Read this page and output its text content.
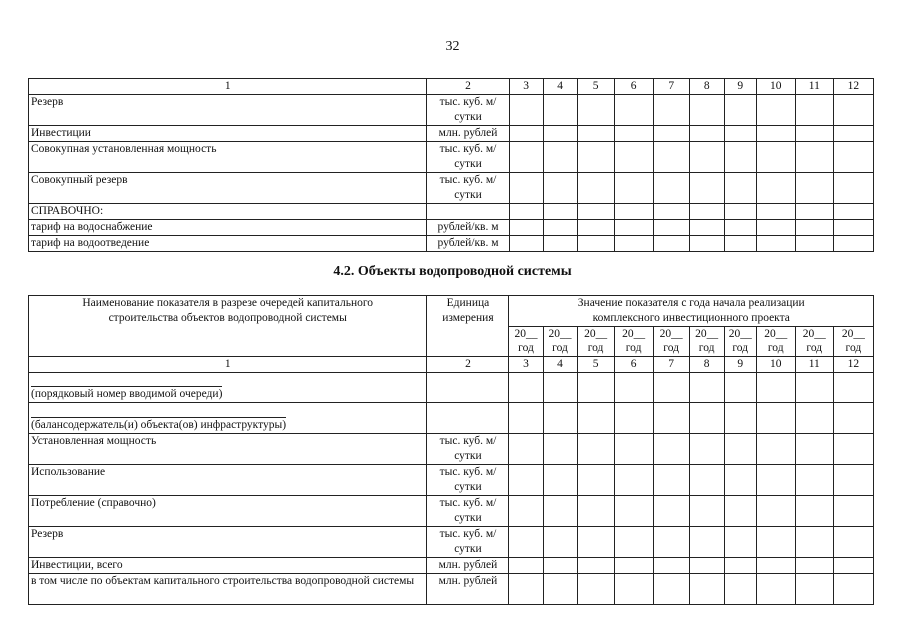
32
1	2	3	4	5	6	7	8	9	10	11	12
Резерв	тыс. куб. м/сутки										
Инвестиции	млн. рублей										
Совокупная установленная мощность	тыс. куб. м/сутки										
Совокупный резерв	тыс. куб. м/сутки										
СПРАВОЧНО:											
тариф на водоснабжение	рублей/кв. м										
тариф на водоотведение	рублей/кв. м										
4.2. Объекты водопроводной системы
Наименование показателя в разрезе очередей капитального строительства объектов водопроводной системы	Единица измерения	Значение показателя с года начала реализации комплексного инвестиционного проекта									
		20__ год	20__ год	20__ год	20__ год	20__ год	20__ год	20__ год	20__ год	20__ год	20__ год
1	2	3	4	5	6	7	8	9	10	11	12
(порядковый номер вводимой очереди)											
(балансодержатель(и) объекта(ов) инфраструктуры)											
Установленная мощность	тыс. куб. м/сутки										
Использование	тыс. куб. м/сутки										
Потребление (справочно)	тыс. куб. м/сутки										
Резерв	тыс. куб. м/сутки										
Инвестиции, всего	млн. рублей										
в том числе по объектам капитального строительства водопроводной системы	млн. рублей										
